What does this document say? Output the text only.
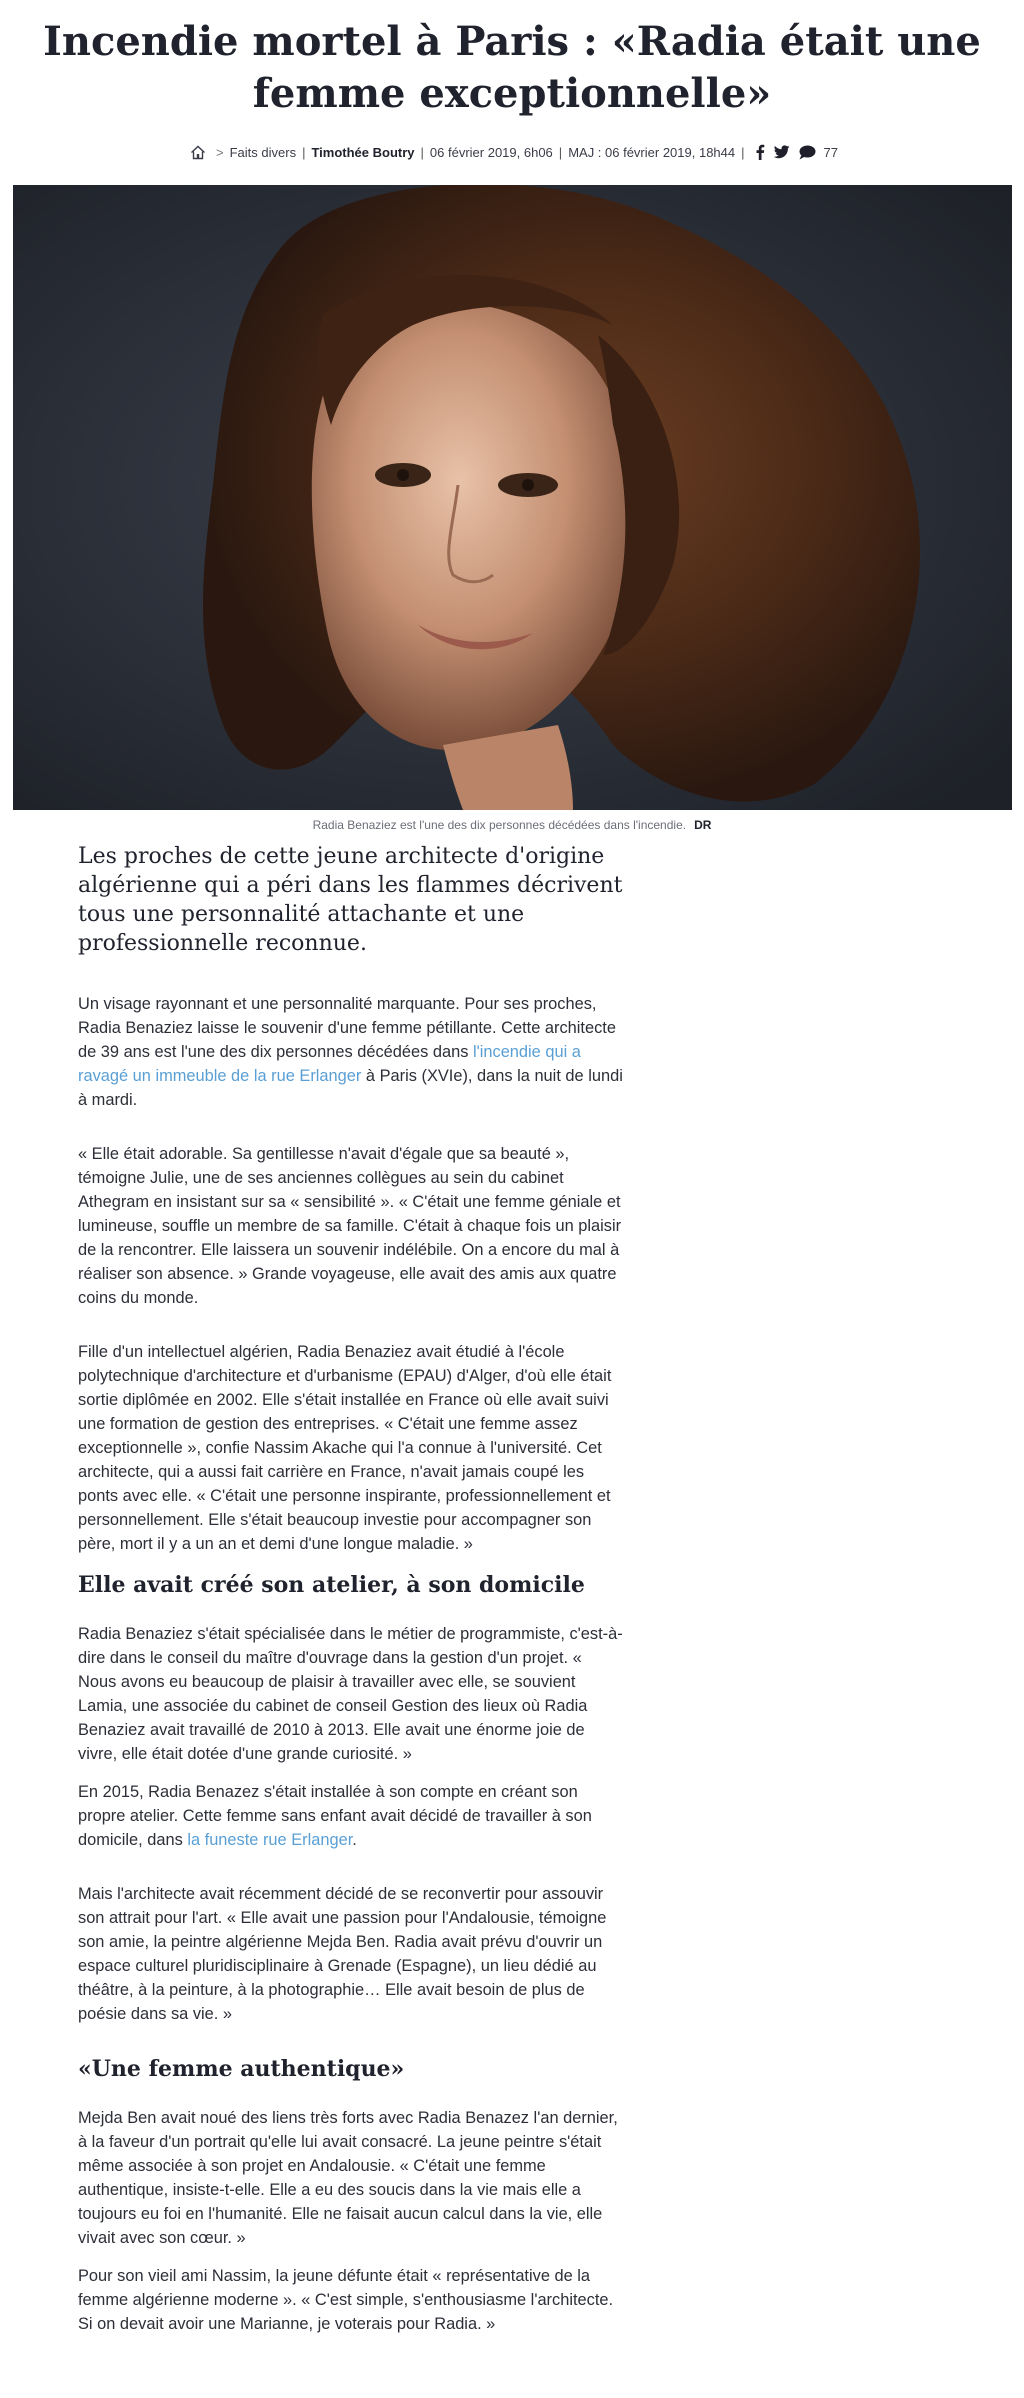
Incendie mortel à Paris : «Radia était une
femme exceptionnelle»
> Faits divers | Timothée Boutry | 06 février 2019, 6h06 | MAJ : 06 février 2019, 18h44 |	77
Radia Benaziez est l'une des dix personnes décédées dans l'incendie. DR

Les proches de cette jeune architecte d'origine algérienne qui a péri dans les flammes décrivent tous une personnalité attachante et une professionnelle reconnue.

Un visage rayonnant et une personnalité marquante. Pour ses proches, Radia Benaziez laisse le souvenir d'une femme pétillante. Cette architecte de 39 ans est l'une des dix personnes décédées dans l'incendie qui a ravagé un immeuble de la rue Erlanger à Paris (XVIe), dans la nuit de lundi à mardi.

« Elle était adorable. Sa gentillesse n'avait d'égale que sa beauté », témoigne Julie, une de ses anciennes collègues au sein du cabinet Athegram en insistant sur sa « sensibilité ». « C'était une femme géniale et lumineuse, souffle un membre de sa famille. C'était à chaque fois un plaisir de la rencontrer. Elle laissera un souvenir indélébile. On a encore du mal à réaliser son absence. » Grande voyageuse, elle avait des amis aux quatre coins du monde.

Fille d'un intellectuel algérien, Radia Benaziez avait étudié à l'école polytechnique d'architecture et d'urbanisme (EPAU) d'Alger, d'où elle était sortie diplômée en 2002. Elle s'était installée en France où elle avait suivi une formation de gestion des entreprises. « C'était une femme assez exceptionnelle », confie Nassim Akache qui l'a connue à l'université. Cet architecte, qui a aussi fait carrière en France, n'avait jamais coupé les ponts avec elle. « C'était une personne inspirante, professionnellement et personnellement. Elle s'était beaucoup investie pour accompagner son père, mort il y a un an et demi d'une longue maladie. »

Elle avait créé son atelier, à son domicile

Radia Benaziez s'était spécialisée dans le métier de programmiste, c'est-à-dire dans le conseil du maître d'ouvrage dans la gestion d'un projet. « Nous avons eu beaucoup de plaisir à travailler avec elle, se souvient Lamia, une associée du cabinet de conseil Gestion des lieux où Radia Benaziez avait travaillé de 2010 à 2013. Elle avait une énorme joie de vivre, elle était dotée d'une grande curiosité. »

En 2015, Radia Benazez s'était installée à son compte en créant son propre atelier. Cette femme sans enfant avait décidé de travailler à son domicile, dans la funeste rue Erlanger.

Mais l'architecte avait récemment décidé de se reconvertir pour assouvir son attrait pour l'art. « Elle avait une passion pour l'Andalousie, témoigne son amie, la peintre algérienne Mejda Ben. Radia avait prévu d'ouvrir un espace culturel pluridisciplinaire à Grenade (Espagne), un lieu dédié au théâtre, à la peinture, à la photographie… Elle avait besoin de plus de poésie dans sa vie. »

«Une femme authentique»

Mejda Ben avait noué des liens très forts avec Radia Benazez l'an dernier, à la faveur d'un portrait qu'elle lui avait consacré. La jeune peintre s'était même associée à son projet en Andalousie. « C'était une femme authentique, insiste-t-elle. Elle a eu des soucis dans la vie mais elle a toujours eu foi en l'humanité. Elle ne faisait aucun calcul dans la vie, elle vivait avec son cœur. »

Pour son vieil ami Nassim, la jeune défunte était « représentative de la femme algérienne moderne ». « C'est simple, s'enthousiasme l'architecte. Si on devait avoir une Marianne, je voterais pour Radia. »
